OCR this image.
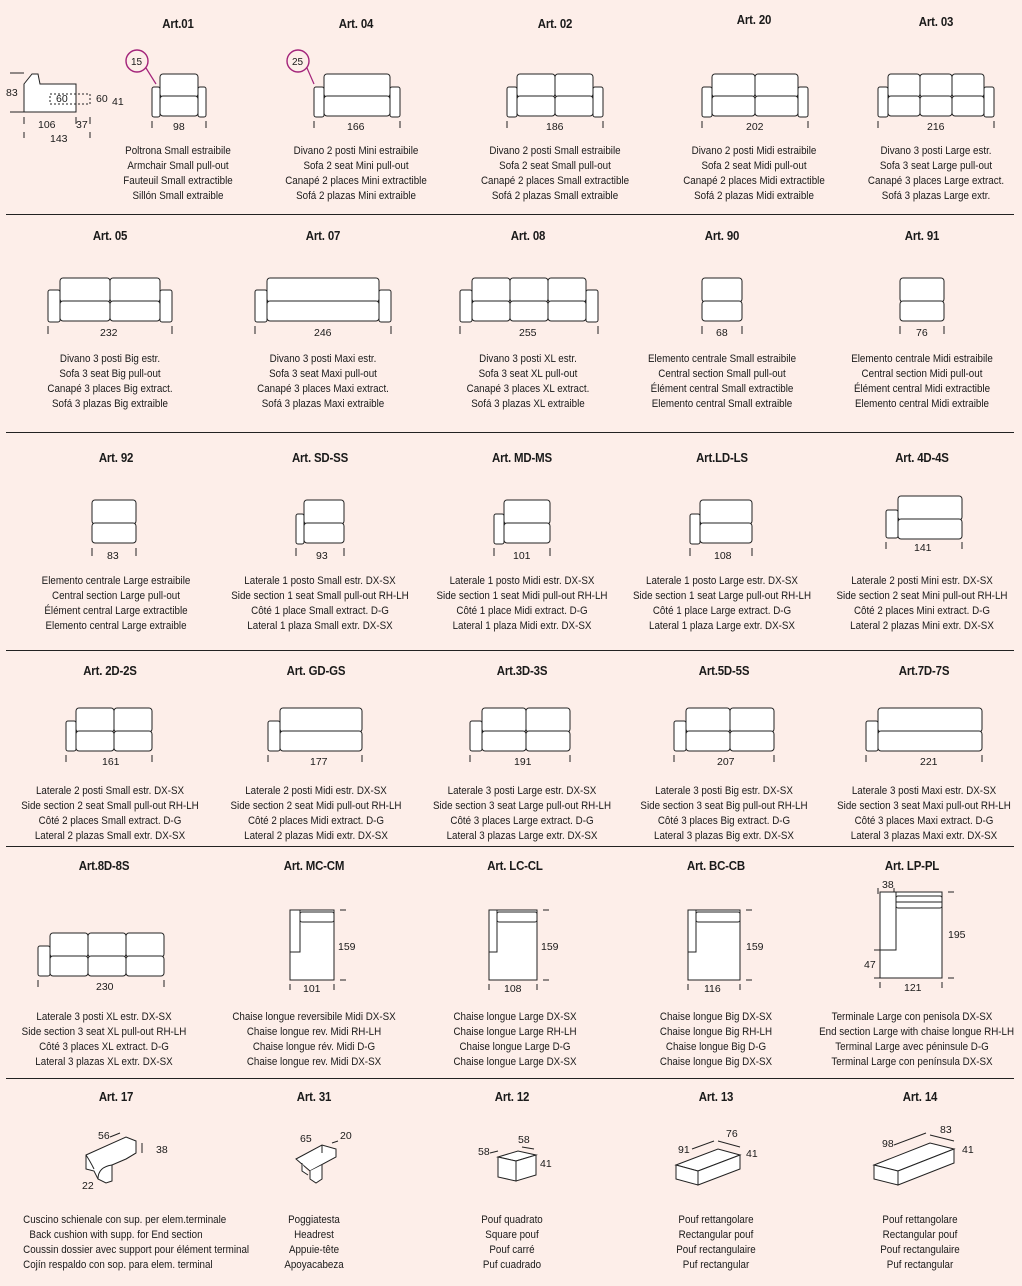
83	60	60 41
106 37
143
Art.01
15
98
Poltrona Small estraibile
Armchair Small pull-out
Fauteuil Small extractible
Sillón Small extraible
Art. 04
25
166
Divano 2 posti Mini estraibile
Sofa 2 seat Mini pull-out
Canapé 2 places Mini extractible
Sofá 2 plazas Mini extraible
Art. 02
186
Divano 2 posti Small estraibile
Sofa 2 seat Small pull-out
Canapé 2 places Small extractible
Sofá 2 plazas Small extraible
Art. 20
202
Divano 2 posti Midi estraibile
Sofa 2 seat Midi pull-out
Canapé 2 places Midi extractible
Sofá 2 plazas Midi extraible
Art. 03
216
Divano 3 posti Large estr.
Sofa 3 seat Large pull-out
Canapé 3 places Large extract.
Sofá 3 plazas Large extr.
Art. 05
232
Divano 3 posti Big estr.
Sofa 3 seat Big pull-out
Canapé 3 places Big extract.
Sofá 3 plazas Big extraible
Art. 07
246
Divano 3 posti Maxi estr.
Sofa 3 seat Maxi pull-out
Canapé 3 places Maxi extract.
Sofá 3 plazas Maxi extraible
Art. 08
255
Divano 3 posti XL estr.
Sofa 3 seat XL pull-out
Canapé 3 places XL extract.
Sofá 3 plazas XL extraible
Art. 90
68
Elemento centrale Small estraibile
Central section Small pull-out
Élément central Small extractible
Elemento central Small extraible
Art. 91
76
Elemento centrale Midi estraibile
Central section Midi pull-out
Élément central Midi extractible
Elemento central Midi extraible
Art. 92
83
Elemento centrale Large estraibile
Central section Large pull-out
Élément central Large extractible
Elemento central Large extraible
Art. SD-SS
93
Laterale 1 posto Small estr. DX-SX
Side section 1 seat Small pull-out RH-LH
Côté 1 place Small extract. D-G
Lateral 1 plaza Small extr. DX-SX
Art. MD-MS
101
Laterale 1 posto Midi estr. DX-SX
Side section 1 seat Midi pull-out RH-LH
Côté 1 place Midi extract. D-G
Lateral 1 plaza Midi extr. DX-SX
Art.LD-LS
108
Laterale 1 posto Large estr. DX-SX
Side section 1 seat Large pull-out RH-LH
Côté 1 place Large extract. D-G
Lateral 1 plaza Large extr. DX-SX
Art. 4D-4S
141
Laterale 2 posti Mini estr. DX-SX
Side section 2 seat Mini pull-out RH-LH
Côté 2 places Mini extract. D-G
Lateral 2 plazas Mini extr. DX-SX
Art. 2D-2S
161
Laterale 2 posti Small estr. DX-SX
Side section 2 seat Small pull-out RH-LH
Côté 2 places Small extract. D-G
Lateral 2 plazas Small extr. DX-SX
Art. GD-GS
177
Laterale 2 posti Midi estr. DX-SX
Side section 2 seat Midi pull-out RH-LH
Côté 2 places Midi extract. D-G
Lateral 2 plazas Midi extr. DX-SX
Art.3D-3S
191
Laterale 3 posti Large estr. DX-SX
Side section 3 seat Large pull-out RH-LH
Côté 3 places Large extract. D-G
Lateral 3 plazas Large extr. DX-SX
Art.5D-5S
207
Laterale 3 posti Big estr. DX-SX
Side section 3 seat Big pull-out RH-LH
Côté 3 places Big extract. D-G
Lateral 3 plazas Big extr. DX-SX
Art.7D-7S
221
Laterale 3 posti Maxi estr. DX-SX
Side section 3 seat Maxi pull-out RH-LH
Côté 3 places Maxi extract. D-G
Lateral 3 plazas Maxi extr. DX-SX
Art.8D-8S
230
Laterale 3 posti XL estr. DX-SX
Side section 3 seat XL pull-out RH-LH
Côté 3 places XL extract. D-G
Lateral 3 plazas XL extr. DX-SX
Art. MC-CM
159
101
Chaise longue reversibile Midi DX-SX
Chaise longue rev. Midi RH-LH
Chaise longue rév. Midi D-G
Chaise longue rev. Midi DX-SX
Art. LC-CL
159
108
Chaise longue Large DX-SX
Chaise longue Large RH-LH
Chaise longue Large D-G
Chaise longue Large DX-SX
Art. BC-CB
159
116
Chaise longue Big DX-SX
Chaise longue Big RH-LH
Chaise longue Big D-G
Chaise longue Big DX-SX
Art. LP-PL
38
195
47
121
Terminale Large con penisola DX-SX
End section Large with chaise longue RH-LH
Terminal Large avec péninsule D-G
Terminal Large con península DX-SX
Art. 17
56
38
22
Cuscino schienale con sup. per elem.terminale
Back cushion with supp. for End section
Coussin dossier avec support pour élément terminal
Cojín respaldo con sop. para elem. terminal
Art. 31
65	20
Poggiatesta
Headrest
Appuie-tête
Apoyacabeza
Art. 12
58
58
41
Pouf quadrato
Square pouf
Pouf carré
Puf cuadrado
Art. 13
91
76
41
Pouf rettangolare
Rectangular pouf
Pouf rectangulaire
Puf rectangular
Art. 14
98
83
41
Pouf rettangolare
Rectangular pouf
Pouf rectangulaire
Puf rectangular
